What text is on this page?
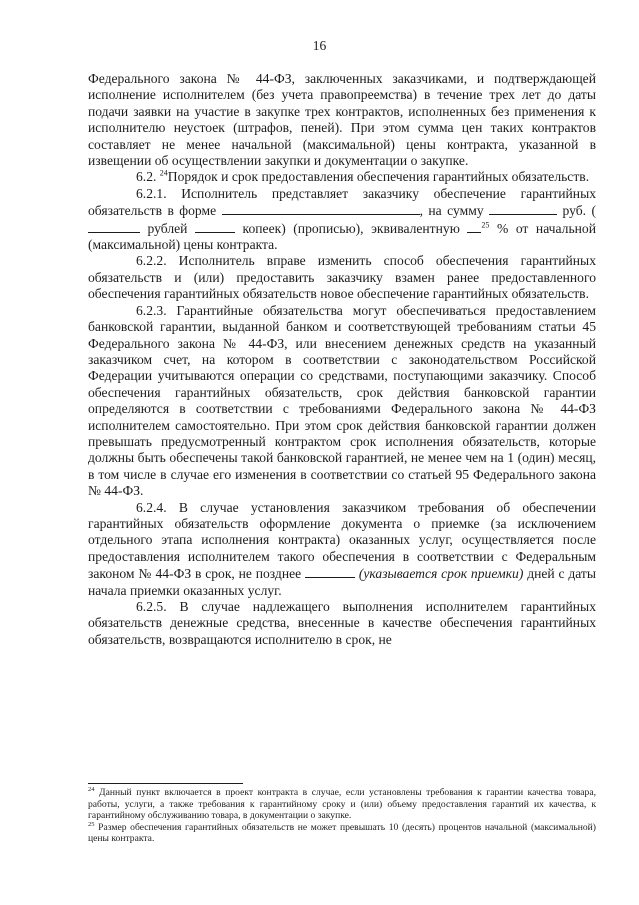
16

Федерального закона № 44-ФЗ, заключенных заказчиками, и подтверждающей исполнение исполнителем (без учета правопреемства) в течение трех лет до даты подачи заявки на участие в закупке трех контрактов, исполненных без применения к исполнителю неустоек (штрафов, пеней). При этом сумма цен таких контрактов составляет не менее начальной (максимальной) цены контракта, указанной в извещении об осуществлении закупки и документации о закупке.

6.2. $^{24}$Порядок и срок предоставления обеспечения гарантийных обязательств.

6.2.1. Исполнитель представляет заказчику обеспечение гарантийных обязательств в форме	, на сумму	руб. ( рублей	копеек) (прописью), эквивалентную	$^{25}$ % от начальной (максимальной) цены контракта.

6.2.2. Исполнитель вправе изменить способ обеспечения гарантийных обязательств и (или) предоставить заказчику взамен ранее предоставленного обеспечения гарантийных обязательств новое обеспечение гарантийных обязательств.

6.2.3. Гарантийные обязательства могут обеспечиваться предоставлением банковской гарантии, выданной банком и соответствующей требованиям статьи 45 Федерального закона № 44-ФЗ, или внесением денежных средств на указанный заказчиком счет, на котором в соответствии с законодательством Российской Федерации учитываются операции со средствами, поступающими заказчику. Способ обеспечения гарантийных обязательств, срок действия банковской гарантии определяются в соответствии с требованиями Федерального закона № 44-ФЗ исполнителем самостоятельно. При этом срок действия банковской гарантии должен превышать предусмотренный контрактом срок исполнения обязательств, которые должны быть обеспечены такой банковской гарантией, не менее чем на 1 (один) месяц, в том числе в случае его изменения в соответствии со статьей 95 Федерального закона № 44-ФЗ.

6.2.4. В случае установления заказчиком требования об обеспечении гарантийных обязательств оформление документа о приемке (за исключением отдельного этапа исполнения контракта) оказанных услуг, осуществляется после предоставления исполнителем такого обеспечения в соответствии с Федеральным законом № 44-ФЗ в срок, не позднее	(указывается срок приемки) дней с даты начала приемки оказанных услуг.

6.2.5. В случае надлежащего выполнения исполнителем гарантийных обязательств денежные средства, внесенные в качестве обеспечения гарантийных обязательств, возвращаются исполнителю в срок, не

$^{24}$ Данный пункт включается в проект контракта в случае, если установлены требования к гарантии качества товара, работы, услуги, а также требования к гарантийному сроку и (или) объему предоставления гарантий их качества, к гарантийному обслуживанию товара, в документации о закупке.

$^{25}$ Размер обеспечения гарантийных обязательств не может превышать 10 (десять) процентов начальной (максимальной) цены контракта.
